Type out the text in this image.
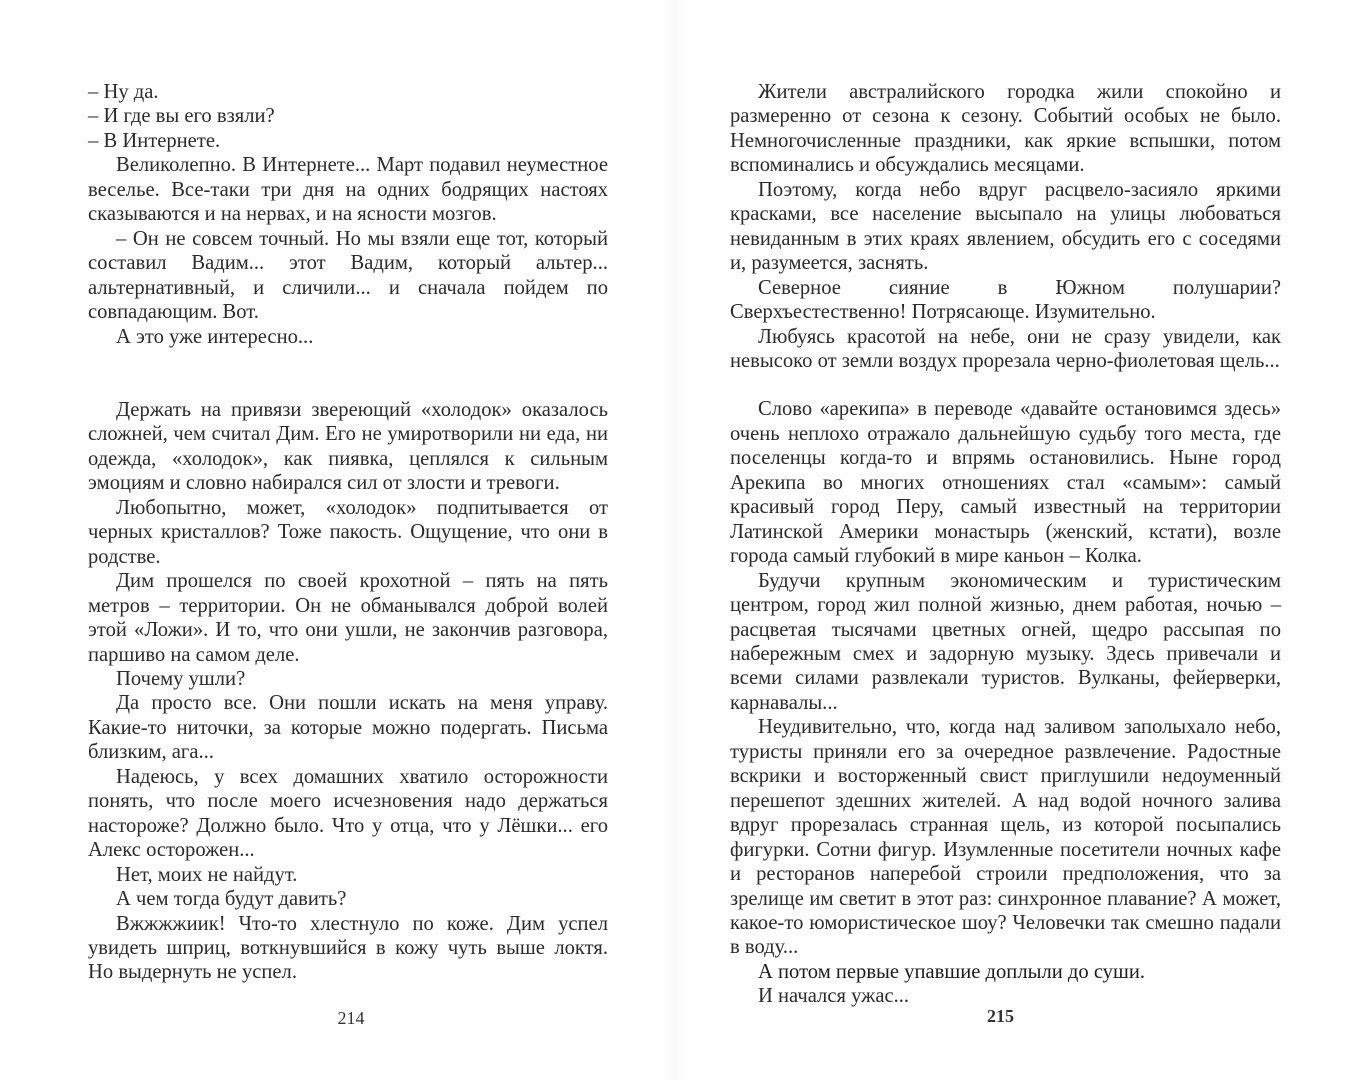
– Ну да.

– И где вы его взяли?

– В Интернете.

Великолепно. В Интернете... Март подавил неуместное веселье. Все-таки три дня на одних бодрящих настоях сказываются и на нервах, и на ясности мозгов.

– Он не совсем точный. Но мы взяли еще тот, который составил Вадим... этот Вадим, который альтер... альтернативный, и сличили... и сначала пойдем по совпадающим. Вот.

А это уже интересно...

Держать на привязи звереющий «холодок» оказалось сложней, чем считал Дим. Его не умиротворили ни еда, ни одежда, «холодок», как пиявка, цеплялся к сильным эмоциям и словно набирался сил от злости и тревоги.

Любопытно, может, «холодок» подпитывается от черных кристаллов? Тоже пакость. Ощущение, что они в родстве.

Дим прошелся по своей крохотной – пять на пять метров – территории. Он не обманывался доброй волей этой «Ложи». И то, что они ушли, не закончив разговора, паршиво на самом деле.

Почему ушли?

Да просто все. Они пошли искать на меня управу. Какие-то ниточки, за которые можно подергать. Письма близким, ага...

Надеюсь, у всех домашних хватило осторожности понять, что после моего исчезновения надо держаться настороже? Должно было. Что у отца, что у Лёшки... его Алекс осторожен...

Нет, моих не найдут.

А чем тогда будут давить?

Вжжжжиик! Что-то хлестнуло по коже. Дим успел увидеть шприц, воткнувшийся в кожу чуть выше локтя. Но выдернуть не успел.

214

Жители австралийского городка жили спокойно и размеренно от сезона к сезону. Событий особых не было. Немногочисленные праздники, как яркие вспышки, потом вспоминались и обсуждались месяцами.

Поэтому, когда небо вдруг расцвело-засияло яркими красками, все население высыпало на улицы любоваться невиданным в этих краях явлением, обсудить его с соседями и, разумеется, заснять.

Северное сияние в Южном полушарии? Сверхъестественно! Потрясающе. Изумительно.

Любуясь красотой на небе, они не сразу увидели, как невысоко от земли воздух прорезала черно-фиолетовая щель...

Слово «арекипа» в переводе «давайте остановимся здесь» очень неплохо отражало дальнейшую судьбу того места, где поселенцы когда-то и впрямь остановились. Ныне город Арекипа во многих отношениях стал «самым»: самый красивый город Перу, самый известный на территории Латинской Америки монастырь (женский, кстати), возле города самый глубокий в мире каньон – Колка.

Будучи крупным экономическим и туристическим центром, город жил полной жизнью, днем работая, ночью – расцветая тысячами цветных огней, щедро рассыпая по набережным смех и задорную музыку. Здесь привечали и всеми силами развлекали туристов. Вулканы, фейерверки, карнавалы...

Неудивительно, что, когда над заливом заполыхало небо, туристы приняли его за очередное развлечение. Радостные вскрики и восторженный свист приглушили недоуменный перешепот здешних жителей. А над водой ночного залива вдруг прорезалась странная щель, из которой посыпались фигурки. Сотни фигур. Изумленные посетители ночных кафе и ресторанов наперебой строили предположения, что за зрелище им светит в этот раз: синхронное плавание? А может, какое-то юмористическое шоу? Человечки так смешно падали в воду...

А потом первые упавшие доплыли до суши.

И начался ужас...

215
